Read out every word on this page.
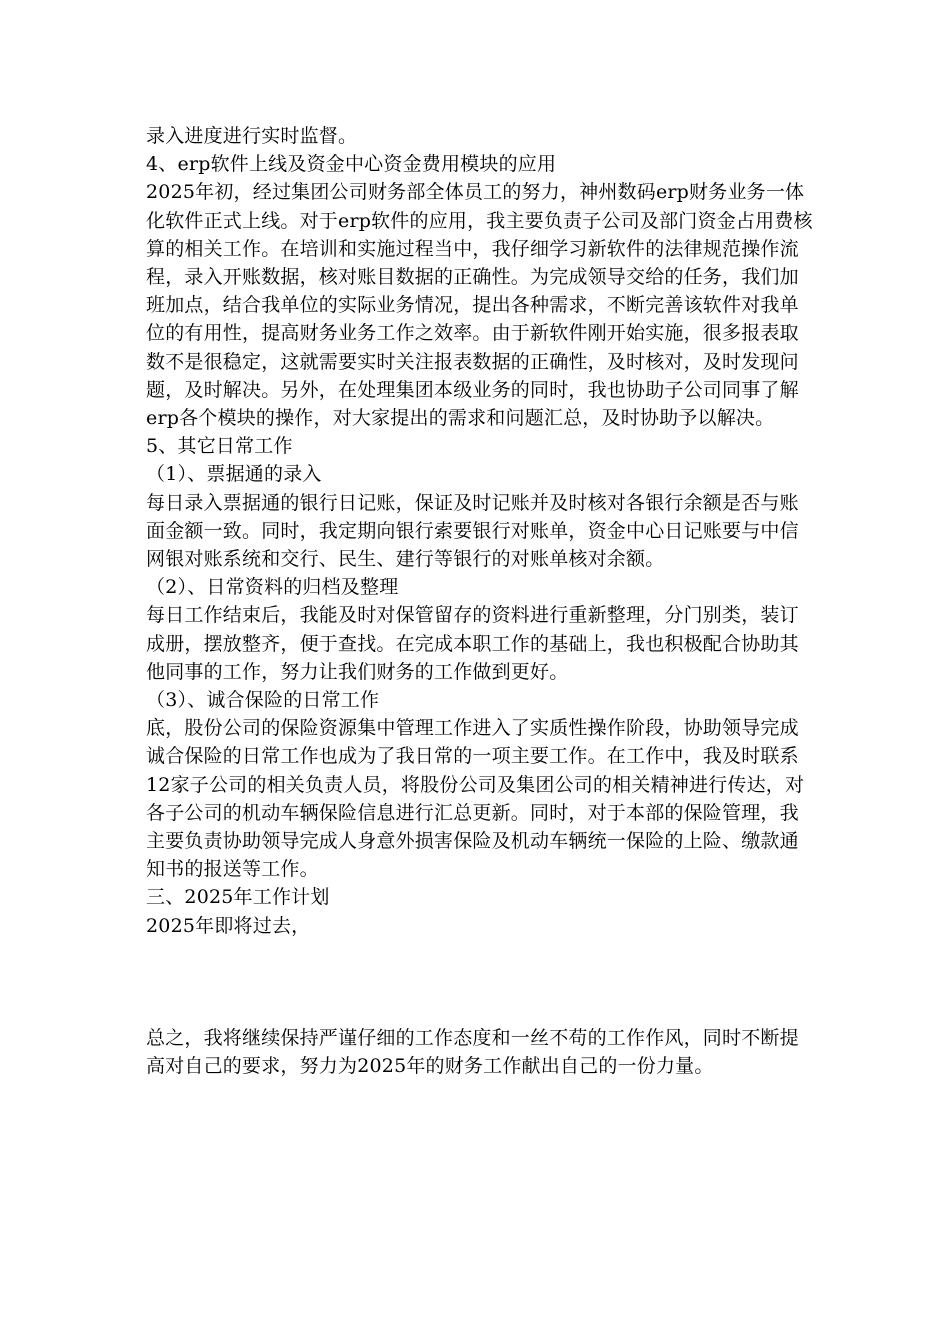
录入进度进行实时监督。

4、erp软件上线及资金中心资金费用模块的应用

2025年初，经过集团公司财务部全体员工的努力，神州数码erp财务业务一体化软件正式上线。对于erp软件的应用，我主要负责子公司及部门资金占用费核算的相关工作。在培训和实施过程当中，我仔细学习新软件的法律规范操作流程，录入开账数据，核对账目数据的正确性。为完成领导交给的任务，我们加班加点，结合我单位的实际业务情况，提出各种需求，不断完善该软件对我单位的有用性，提高财务业务工作之效率。由于新软件刚开始实施，很多报表取数不是很稳定，这就需要实时关注报表数据的正确性，及时核对，及时发现问题，及时解决。另外，在处理集团本级业务的同时，我也协助子公司同事了解erp各个模块的操作，对大家提出的需求和问题汇总，及时协助予以解决。

5、其它日常工作

（1）、票据通的录入

每日录入票据通的银行日记账，保证及时记账并及时核对各银行余额是否与账面金额一致。同时，我定期向银行索要银行对账单，资金中心日记账要与中信网银对账系统和交行、民生、建行等银行的对账单核对余额。

（2）、日常资料的归档及整理

每日工作结束后，我能及时对保管留存的资料进行重新整理，分门别类，装订成册，摆放整齐，便于查找。在完成本职工作的基础上，我也积极配合协助其他同事的工作，努力让我们财务的工作做到更好。

（3）、诚合保险的日常工作

底，股份公司的保险资源集中管理工作进入了实质性操作阶段，协助领导完成诚合保险的日常工作也成为了我日常的一项主要工作。在工作中，我及时联系12家子公司的相关负责人员，将股份公司及集团公司的相关精神进行传达，对各子公司的机动车辆保险信息进行汇总更新。同时，对于本部的保险管理，我主要负责协助领导完成人身意外损害保险及机动车辆统一保险的上险、缴款通知书的报送等工作。

三、2025年工作计划

2025年即将过去，

总之，我将继续保持严谨仔细的工作态度和一丝不苟的工作作风，同时不断提高对自己的要求，努力为2025年的财务工作献出自己的一份力量。
